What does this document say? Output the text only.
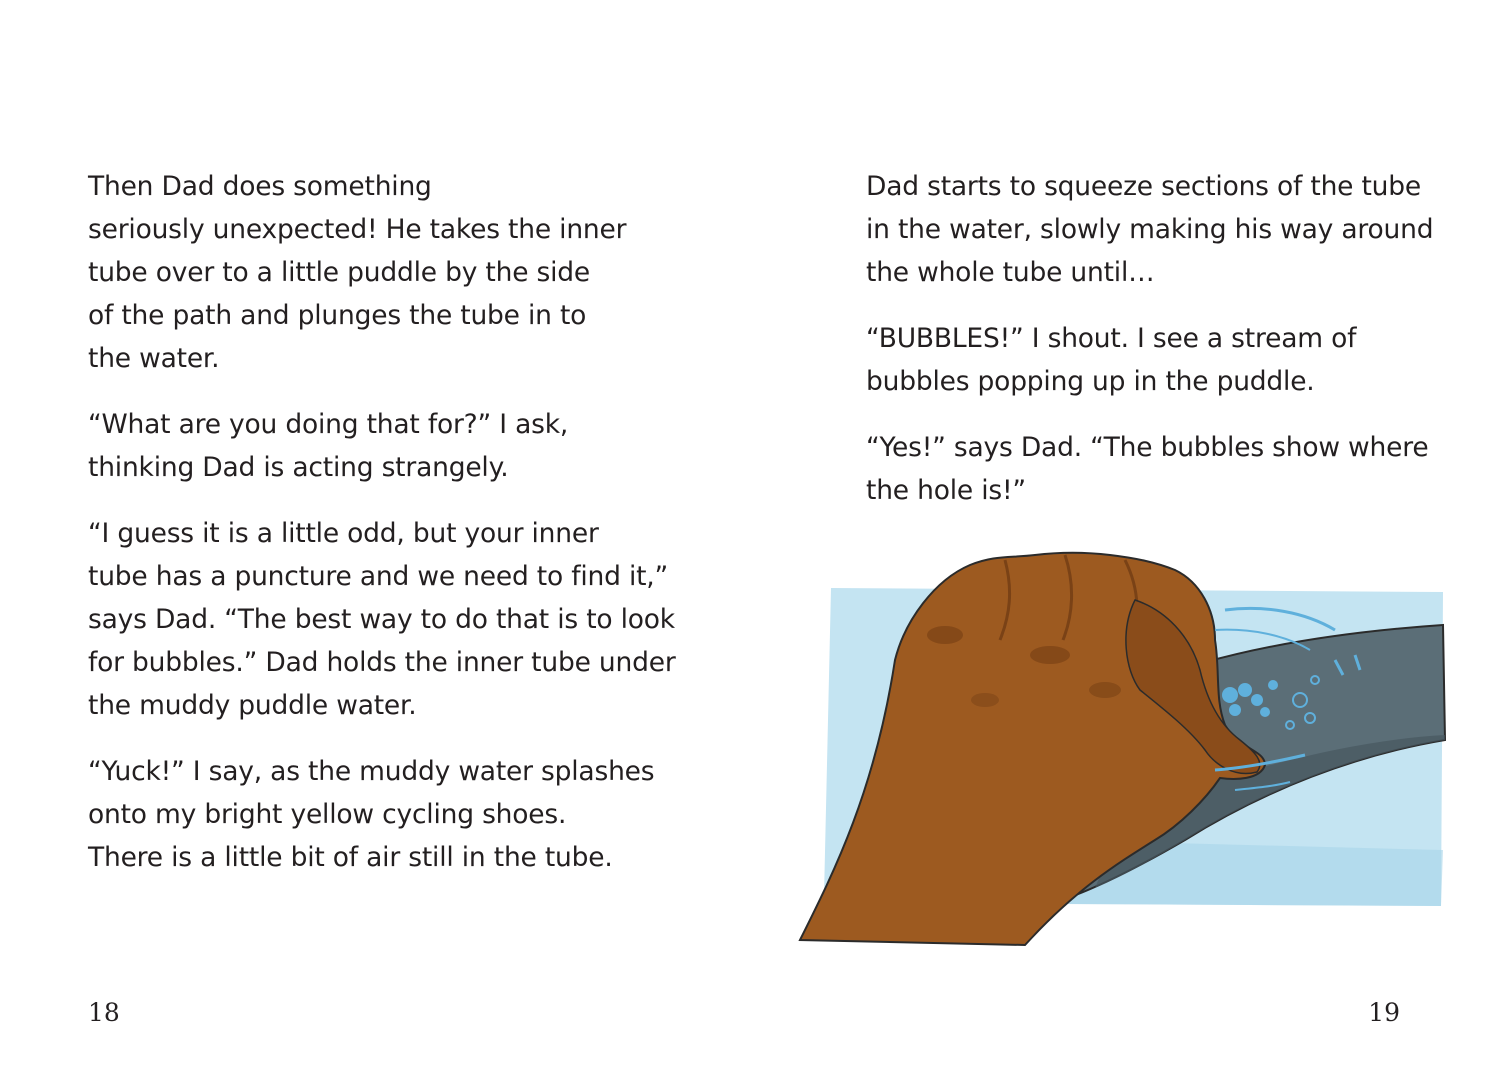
Then Dad does something
seriously unexpected! He takes the inner
tube over to a little puddle by the side
of the path and plunges the tube in to
the water.

“What are you doing that for?” I ask,
thinking Dad is acting strangely.

“I guess it is a little odd, but your inner
tube has a puncture and we need to find it,”
says Dad. “The best way to do that is to look
for bubbles.” Dad holds the inner tube under
the muddy puddle water.

“Yuck!” I say, as the muddy water splashes
onto my bright yellow cycling shoes.
There is a little bit of air still in the tube.

18

Dad starts to squeeze sections of the tube
in the water, slowly making his way around
the whole tube until…

“BUBBLES!” I shout. I see a stream of
bubbles popping up in the puddle.

“Yes!” says Dad. “The bubbles show where
the hole is!”

19
